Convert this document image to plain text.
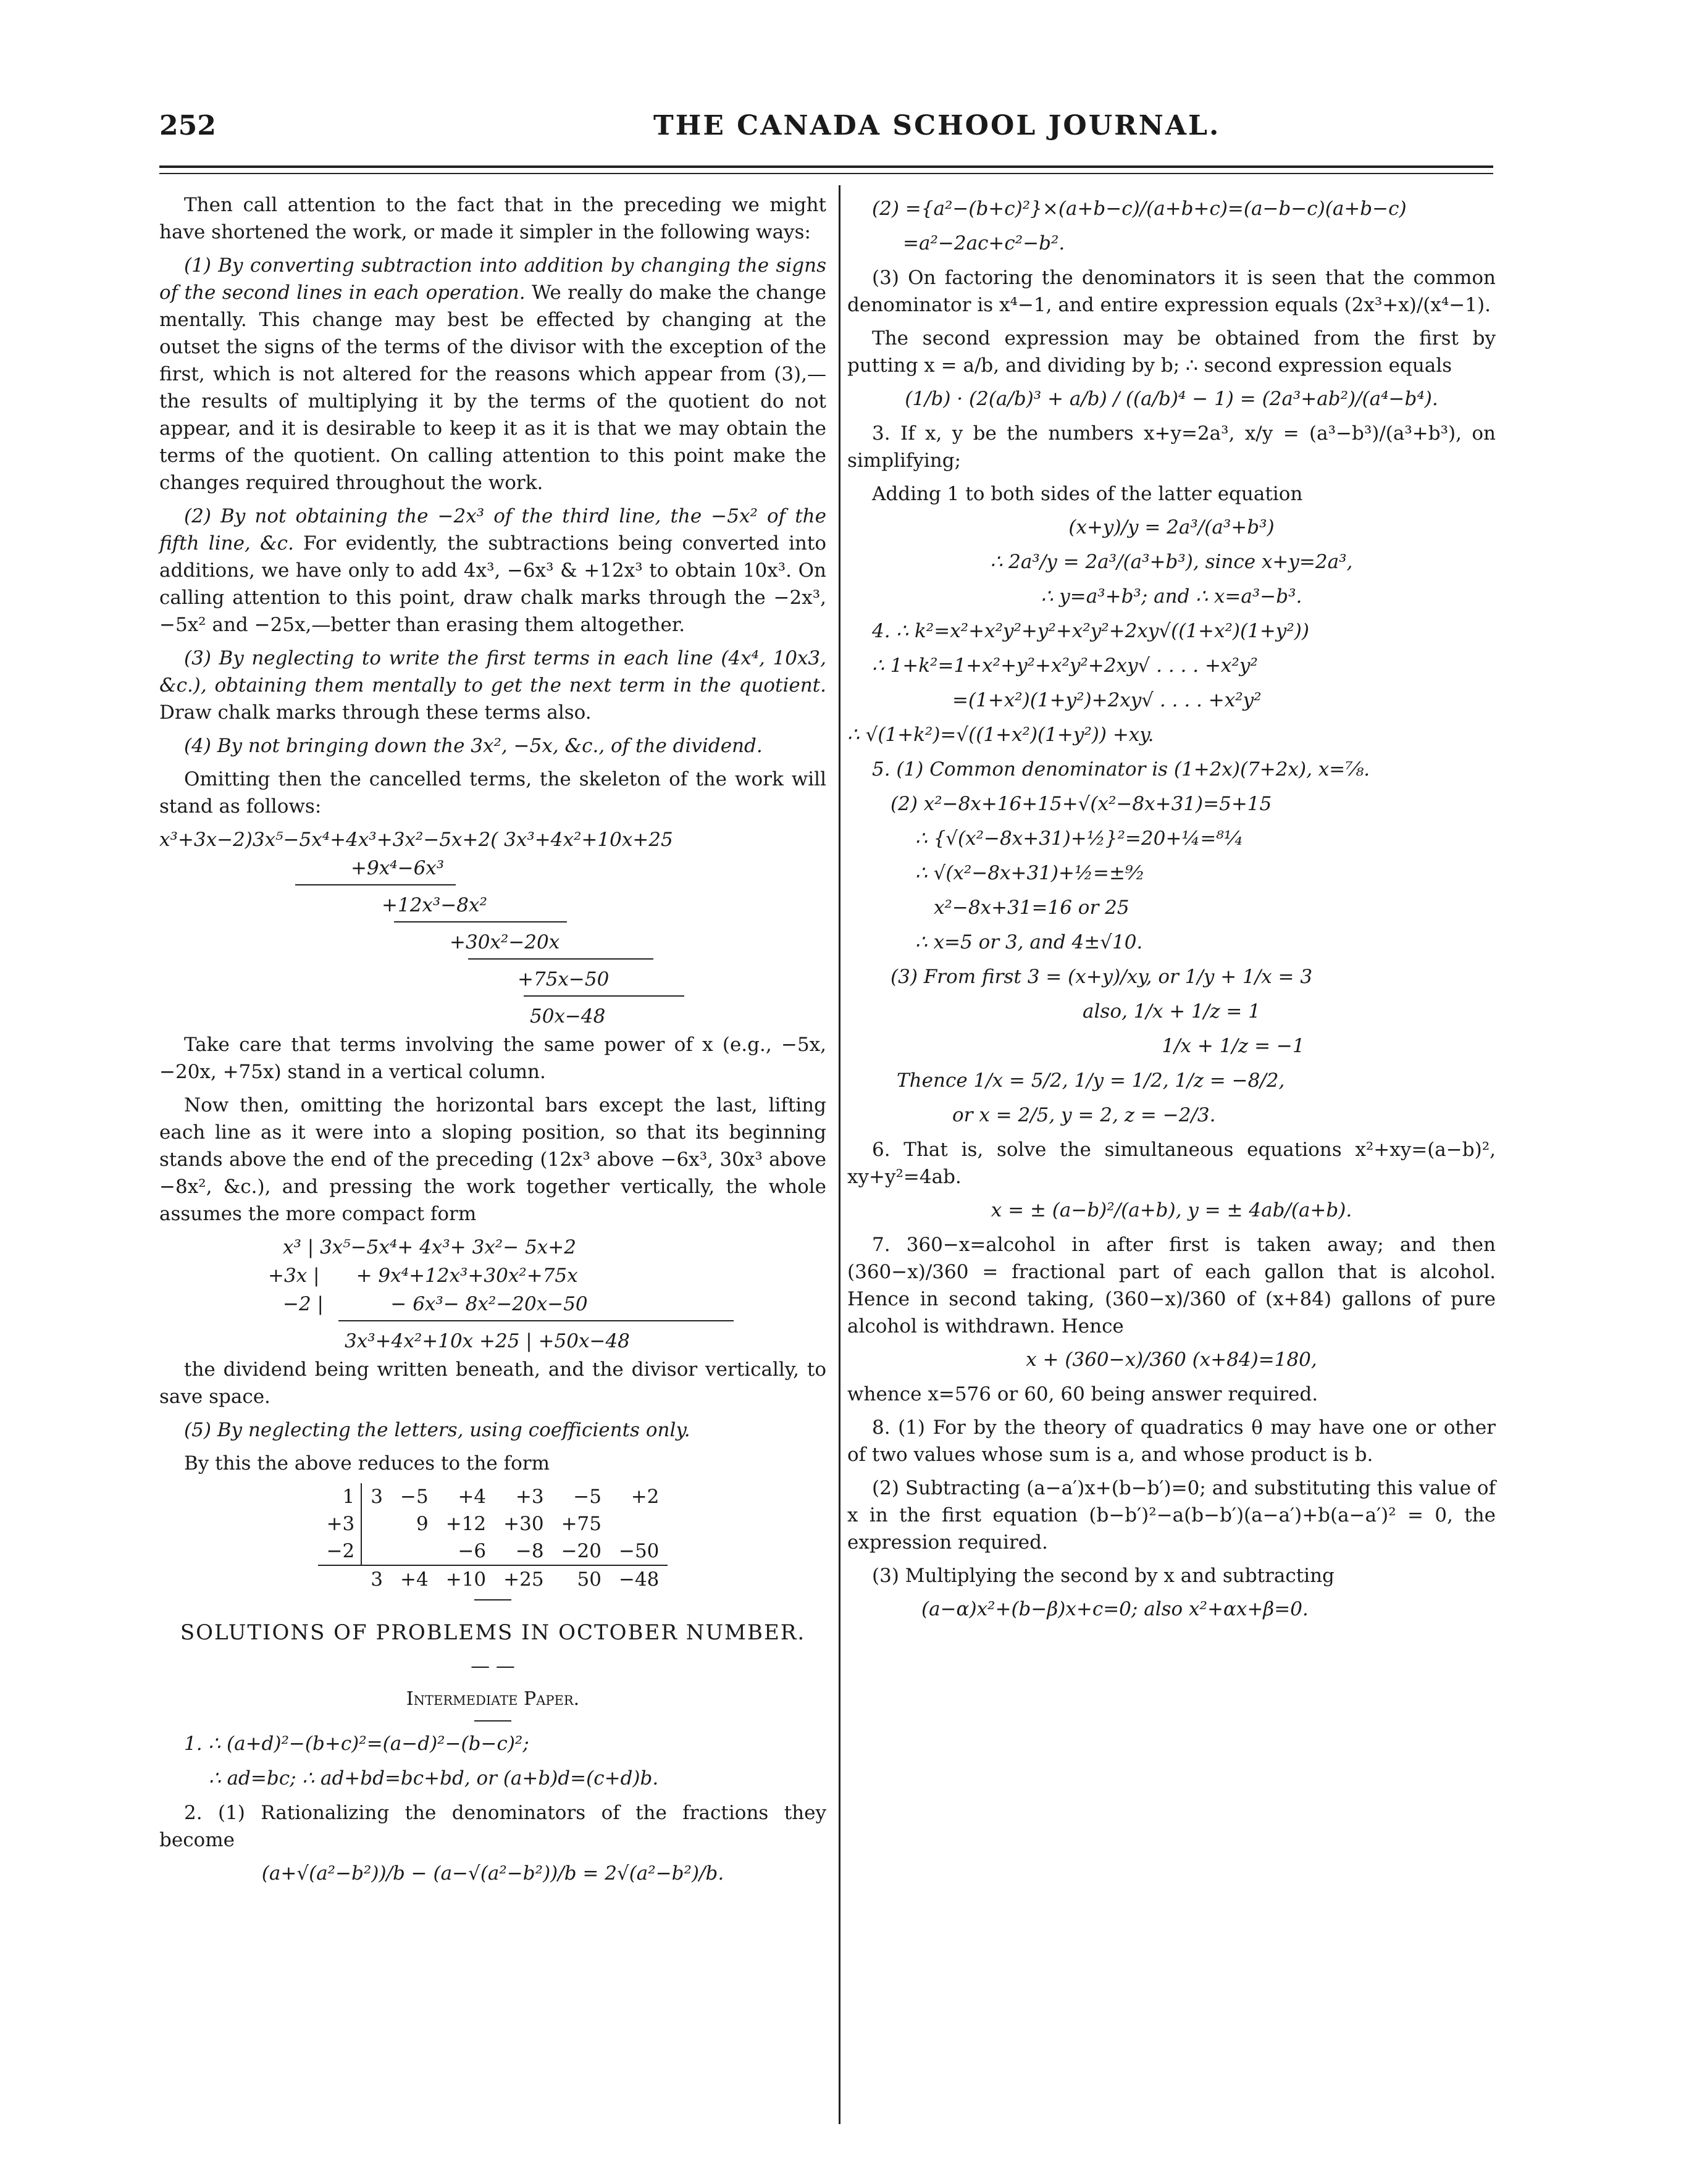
252	THE CANADA SCHOOL JOURNAL.

Then call attention to the fact that in the preceding we might have shortened the work, or made it simpler in the following ways:

(1) By converting subtraction into addition by changing the signs of the second lines in each operation. We really do make the change mentally. This change may best be effected by changing at the outset the signs of the terms of the divisor with the exception of the first, which is not altered for the reasons which appear from (3),—the results of multiplying it by the terms of the quotient do not appear, and it is desirable to keep it as it is that we may obtain the terms of the quotient. On calling attention to this point make the changes required throughout the work.

(2) By not obtaining the −2x³ of the third line, the −5x² of the fifth line, &c. For evidently, the subtractions being converted into additions, we have only to add 4x³, −6x³ & +12x³ to obtain 10x³. On calling attention to this point, draw chalk marks through the −2x³, −5x² and −25x,—better than erasing them altogether.

(3) By neglecting to write the first terms in each line (4x⁴, 10x3, &c.), obtaining them mentally to get the next term in the quotient. Draw chalk marks through these terms also.

(4) By not bringing down the 3x², −5x, &c., of the dividend.

Omitting then the cancelled terms, the skeleton of the work will stand as follows:

x³+3x−2)3x⁵−5x⁴+4x³+3x²−5x+2( 3x³+4x²+10x+25
+9x⁴−6x³
+12x³−8x²
+30x²−20x
+75x−50
50x−48

Take care that terms involving the same power of x (e.g., −5x, −20x, +75x) stand in a vertical column.

Now then, omitting the horizontal bars except the last, lifting each line as it were into a sloping position, so that its beginning stands above the end of the preceding (12x³ above −6x³, 30x³ above −8x², &c.), and pressing the work together vertically, the whole assumes the more compact form

x³ | 3x⁵−5x⁴+ 4x³+ 3x²− 5x+2
+3x |      + 9x⁴+12x³+30x²+75x
−2 |           − 6x³− 8x²−20x−50
3x³+4x²+10x +25 | +50x−48

the dividend being written beneath, and the divisor vertically, to save space.

(5) By neglecting the letters, using coefficients only.

By this the above reduces to the form

1	3	−5	+4	+3	−5	+2
+3		9	+12	+30	+75	
−2			−6	−8	−20	−50
	3	+4	+10	+25	50	−48
SOLUTIONS OF PROBLEMS IN OCTOBER NUMBER.
— —
Intermediate Paper.
1. ∴ (a+d)²−(b+c)²=(a−d)²−(b−c)²;
∴ ad=bc; ∴ ad+bd=bc+bd, or (a+b)d=(c+d)b.

2. (1) Rationalizing the denominators of the fractions they become

(a+√(a²−b²))/b − (a−√(a²−b²))/b = 2√(a²−b²)/b.
(2) ={a²−(b+c)²}×(a+b−c)/(a+b+c)=(a−b−c)(a+b−c)
=a²−2ac+c²−b².

(3) On factoring the denominators it is seen that the common denominator is x⁴−1, and entire expression equals (2x³+x)/(x⁴−1).

The second expression may be obtained from the first by putting x = a/b, and dividing by b; ∴ second expression equals

(1/b) · (2(a/b)³ + a/b) / ((a/b)⁴ − 1) = (2a³+ab²)/(a⁴−b⁴).

3. If x, y be the numbers x+y=2a³, x/y = (a³−b³)/(a³+b³), on simplifying;

Adding 1 to both sides of the latter equation

(x+y)/y = 2a³/(a³+b³)
∴ 2a³/y = 2a³/(a³+b³), since x+y=2a³,
∴ y=a³+b³; and ∴ x=a³−b³.
4. ∴ k²=x²+x²y²+y²+x²y²+2xy√((1+x²)(1+y²))
∴ 1+k²=1+x²+y²+x²y²+2xy√ . . . . +x²y²
=(1+x²)(1+y²)+2xy√ . . . . +x²y²
∴ √(1+k²)=√((1+x²)(1+y²)) +xy.
5. (1) Common denominator is (1+2x)(7+2x), x=⅞.
(2) x²−8x+16+15+√(x²−8x+31)=5+15
∴ {√(x²−8x+31)+½}²=20+¼=⁸¹⁄₄
∴ √(x²−8x+31)+½=±⁹⁄₂
x²−8x+31=16 or 25
∴ x=5 or 3, and 4±√10.
(3) From first 3 = (x+y)/xy, or 1/y + 1/x = 3
also, 1/x + 1/z = 1
1/x + 1/z = −1
Thence 1/x = 5/2, 1/y = 1/2, 1/z = −8/2,
or x = 2/5, y = 2, z = −2/3.

6. That is, solve the simultaneous equations x²+xy=(a−b)², xy+y²=4ab.

x = ± (a−b)²/(a+b), y = ± 4ab/(a+b).

7. 360−x=alcohol in after first is taken away; and then (360−x)/360 = fractional part of each gallon that is alcohol. Hence in second taking, (360−x)/360 of (x+84) gallons of pure alcohol is withdrawn. Hence

x + (360−x)/360 (x+84)=180,

whence x=576 or 60, 60 being answer required.

8. (1) For by the theory of quadratics θ may have one or other of two values whose sum is a, and whose product is b.

(2) Subtracting (a−a′)x+(b−b′)=0; and substituting this value of x in the first equation (b−b′)²−a(b−b′)(a−a′)+b(a−a′)² = 0, the expression required.

(3) Multiplying the second by x and subtracting

(a−α)x²+(b−β)x+c=0; also x²+αx+β=0.
